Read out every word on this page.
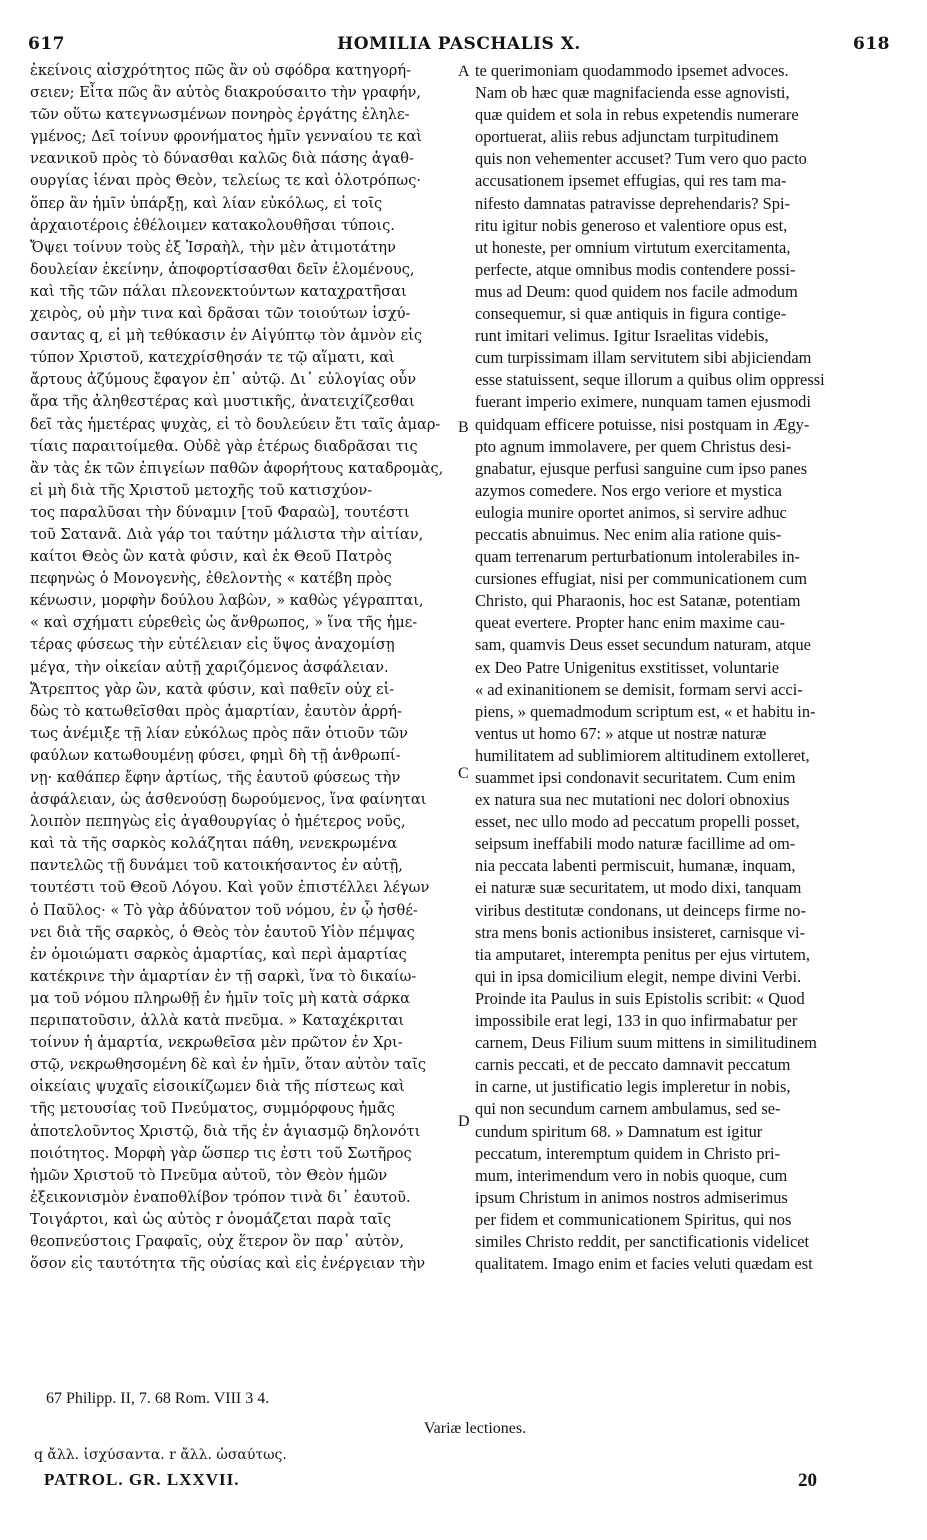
617	HOMILIA PASCHALIS X.	618
ἐκείνοις αἰσχρότητος πῶς ἂν οὐ σφόδρα κατηγορή-
σειεν; Εἶτα πῶς ἂν αὐτὸς διακρούσαιτο τὴν γραφήν,
τῶν οὕτω κατεγνωσμένων πονηρὸς ἐργάτης ἐληλε-
γμένος; Δεῖ τοίνυν φρονήματος ἡμῖν γενναίου τε καὶ
νεανικοῦ πρὸς τὸ δύνασθαι καλῶς διὰ πάσης ἀγαθ-
ουργίας ἰέναι πρὸς Θεὸν, τελείως τε καὶ ὁλοτρόπως·
ὅπερ ἂν ἡμῖν ὑπάρξῃ, καὶ λίαν εὐκόλως, εἰ τοῖς
ἀρχαιοτέροις ἐθέλοιμεν κατακολουθῆσαι τύποις.
Ὄψει τοίνυν τοὺς ἐξ Ἰσραὴλ, τὴν μὲν ἀτιμοτάτην
δουλείαν ἐκείνην, ἀποφορτίσασθαι δεῖν ἑλομένους,
καὶ τῆς τῶν πάλαι πλεονεκτούντων καταχρατῆσαι
χειρὸς, οὐ μὴν τινα καὶ δρᾶσαι τῶν τοιούτων ἰσχύ-
σαντας q, εἰ μὴ τεθύκασιν ἐν Αἰγύπτῳ τὸν ἀμνὸν εἰς
τύπον Χριστοῦ, κατεχρίσθησάν τε τῷ αἵματι, καὶ
ἄρτους ἀζύμους ἔφαγον ἐπ᾽ αὐτῷ. Δι᾽ εὐλογίας οὖν
ἄρα τῆς ἀληθεστέρας καὶ μυστικῆς, ἀνατειχίζεσθαι
δεῖ τὰς ἡμετέρας ψυχὰς, εἰ τὸ δουλεύειν ἔτι ταῖς ἁμαρ-
τίαις παραιτοίμεθα. Οὐδὲ γὰρ ἑτέρως διαδρᾶσαι τις
ἂν τὰς ἐκ τῶν ἐπιγείων παθῶν ἀφορήτους καταδρομὰς,
εἰ μὴ διὰ τῆς Χριστοῦ μετοχῆς τοῦ κατισχύον-
τος παραλῦσαι τὴν δύναμιν [τοῦ Φαραὼ], τουτέστι
τοῦ Σατανᾶ. Διὰ γάρ τοι ταύτην μάλιστα τὴν αἰτίαν,
καίτοι Θεὸς ὢν κατὰ φύσιν, καὶ ἐκ Θεοῦ Πατρὸς
πεφηνὼς ὁ Μονογενὴς, ἐθελοντὴς « κατέβη πρὸς
κένωσιν, μορφὴν δούλου λαβὼν, » καθὼς γέγραπται,
« καὶ σχήματι εὑρεθεὶς ὡς ἄνθρωπος, » ἵνα τῆς ἡμε-
τέρας φύσεως τὴν εὐτέλειαν εἰς ὕψος ἀναχομίσῃ
μέγα, τὴν οἰκείαν αὐτῇ χαριζόμενος ἀσφάλειαν.
Ἄτρεπτος γὰρ ὢν, κατὰ φύσιν, καὶ παθεῖν οὐχ εἰ-
δὼς τὸ κατωθεῖσθαι πρὸς ἁμαρτίαν, ἑαυτὸν ἀρρή-
τως ἀνέμιξε τῇ λίαν εὐκόλως πρὸς πᾶν ὁτιοῦν τῶν
φαύλων κατωθουμένῃ φύσει, φημὶ δὴ τῇ ἀνθρωπί-
νῃ· καθάπερ ἔφην ἀρτίως, τῆς ἑαυτοῦ φύσεως τὴν
ἀσφάλειαν, ὡς ἀσθενούσῃ δωρούμενος, ἵνα φαίνηται
λοιπὸν πεπηγὼς εἰς ἀγαθουργίας ὁ ἡμέτερος νοῦς,
καὶ τὰ τῆς σαρκὸς κολάζηται πάθη, νενεκρωμένα
παντελῶς τῇ δυνάμει τοῦ κατοικήσαντος ἐν αὐτῇ,
τουτέστι τοῦ Θεοῦ Λόγου. Καὶ γοῦν ἐπιστέλλει λέγων
ὁ Παῦλος· « Τὸ γὰρ ἀδύνατον τοῦ νόμου, ἐν ᾧ ἠσθέ-
νει διὰ τῆς σαρκὸς, ὁ Θεὸς τὸν ἑαυτοῦ Υἱὸν πέμψας
ἐν ὁμοιώματι σαρκὸς ἁμαρτίας, καὶ περὶ ἁμαρτίας
κατέκρινε τὴν ἁμαρτίαν ἐν τῇ σαρκὶ, ἵνα τὸ δικαίω-
μα τοῦ νόμου πληρωθῇ ἐν ἡμῖν τοῖς μὴ κατὰ σάρκα
περιπατοῦσιν, ἀλλὰ κατὰ πνεῦμα. » Καταχέκριται
τοίνυν ἡ ἁμαρτία, νεκρωθεῖσα μὲν πρῶτον ἐν Χρι-
στῷ, νεκρωθησομένη δὲ καὶ ἐν ἡμῖν, ὅταν αὐτὸν ταῖς
οἰκείαις ψυχαῖς εἰσοικίζωμεν διὰ τῆς πίστεως καὶ
τῆς μετουσίας τοῦ Πνεύματος, συμμόρφους ἡμᾶς
ἀποτελοῦντος Χριστῷ, διὰ τῆς ἐν ἁγιασμῷ δηλονότι
ποιότητος. Μορφὴ γὰρ ὥσπερ τις ἐστι τοῦ Σωτῆρος
ἡμῶν Χριστοῦ τὸ Πνεῦμα αὐτοῦ, τὸν Θεὸν ἡμῶν
ἐξεικονισμὸν ἐναποθλίβον τρόπον τινὰ δι᾽ ἑαυτοῦ.
Τοιγάρτοι, καὶ ὡς αὐτὸς r ὀνομάζεται παρὰ ταῖς
θεοπνεύστοις Γραφαῖς, οὐχ ἕτερον ὂν παρ᾽ αὐτὸν,
ὅσον εἰς ταυτότητα τῆς οὐσίας καὶ εἰς ἐνέργειαν τὴν
A
B
C
D
te querimoniam quodammodo ipsemet advoces.
Nam ob hæc quæ magnifacienda esse agnovisti,
quæ quidem et sola in rebus expetendis numerare
oportuerat, aliis rebus adjunctam turpitudinem
quis non vehementer accuset? Tum vero quo pacto
accusationem ipsemet effugias, qui res tam ma-
nifesto damnatas patravisse deprehendaris? Spi-
ritu igitur nobis generoso et valentiore opus est,
ut honeste, per omnium virtutum exercitamenta,
perfecte, atque omnibus modis contendere possi-
mus ad Deum: quod quidem nos facile admodum
consequemur, si quæ antiquis in figura contige-
runt imitari velimus. Igitur Israelitas videbis,
cum turpissimam illam servitutem sibi abjiciendam
esse statuissent, seque illorum a quibus olim oppressi
fuerant imperio eximere, nunquam tamen ejusmodi
quidquam efficere potuisse, nisi postquam in Ægy-
pto agnum immolavere, per quem Christus desi-
gnabatur, ejusque perfusi sanguine cum ipso panes
azymos comedere. Nos ergo veriore et mystica
eulogia munire oportet animos, si servire adhuc
peccatis abnuimus. Nec enim alia ratione quis-
quam terrenarum perturbationum intolerabiles in-
cursiones effugiat, nisi per communicationem cum
Christo, qui Pharaonis, hoc est Satanæ, potentiam
queat evertere. Propter hanc enim maxime cau-
sam, quamvis Deus esset secundum naturam, atque
ex Deo Patre Unigenitus exstitisset, voluntarie
« ad exinanitionem se demisit, formam servi acci-
piens, » quemadmodum scriptum est, « et habitu in-
ventus ut homo 67: » atque ut nostræ naturæ
humilitatem ad sublimiorem altitudinem extolleret,
suammet ipsi condonavit securitatem. Cum enim
ex natura sua nec mutationi nec dolori obnoxius
esset, nec ullo modo ad peccatum propelli posset,
seipsum ineffabili modo naturæ facillime ad om-
nia peccata labenti permiscuit, humanæ, inquam,
ei naturæ suæ securitatem, ut modo dixi, tanquam
viribus destitutæ condonans, ut deinceps firme no-
stra mens bonis actionibus insisteret, carnisque vi-
tia amputaret, interempta penitus per ejus virtutem,
qui in ipsa domicilium elegit, nempe divini Verbi.
Proinde ita Paulus in suis Epistolis scribit: « Quod
impossibile erat legi, 133 in quo infirmabatur per
carnem, Deus Filium suum mittens in similitudinem
carnis peccati, et de peccato damnavit peccatum
in carne, ut justificatio legis impleretur in nobis,
qui non secundum carnem ambulamus, sed se-
cundum spiritum 68. » Damnatum est igitur
peccatum, interemptum quidem in Christo pri-
mum, interimendum vero in nobis quoque, cum
ipsum Christum in animos nostros admiserimus
per fidem et communicationem Spiritus, qui nos
similes Christo reddit, per sanctificationis videlicet
qualitatem. Imago enim et facies veluti quædam est
67 Philipp. II, 7. 68 Rom. VIII 3 4.
Variæ lectiones.
q ἄλλ. ἰσχύσαντα. r ἄλλ. ὡσαύτως.
PATROL. GR. LXXVII.	20
